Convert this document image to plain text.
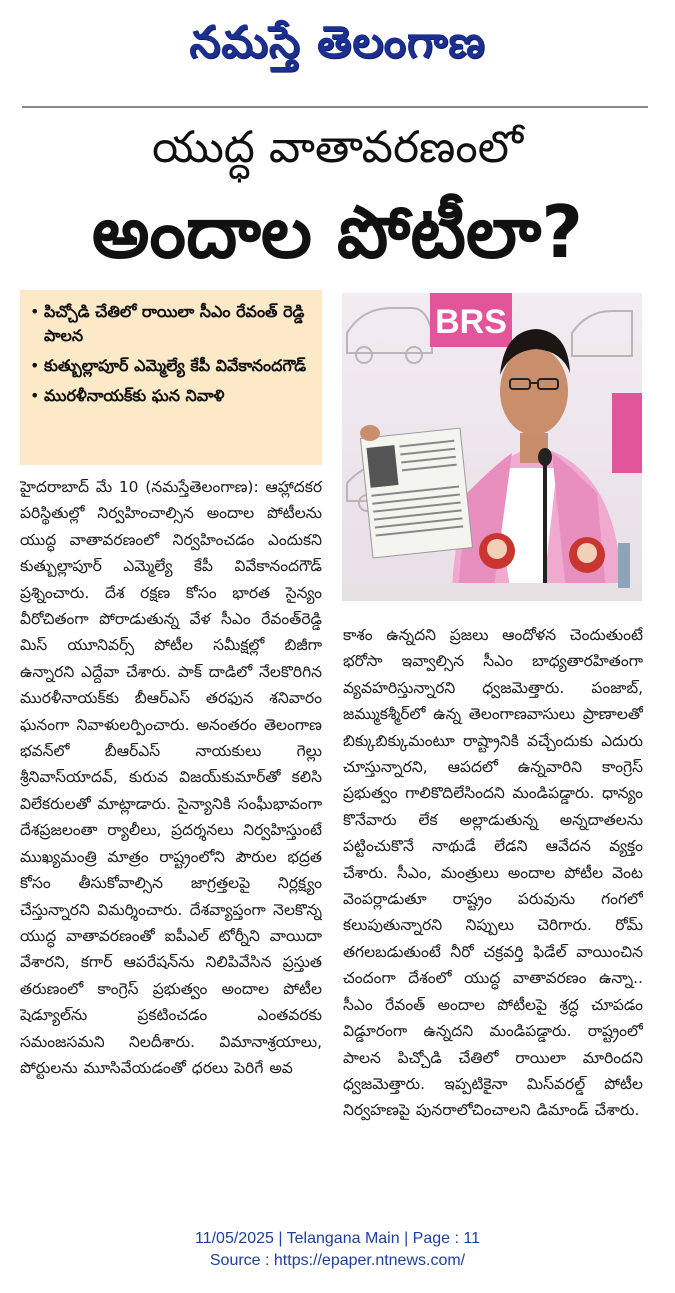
నమస్తే తెలంగాణ
యుద్ధ వాతావరణంలో
అందాల పోటీలా?
• పిచ్చోడి చేతిలో రాయిలా సీఎం రేవంత్ రెడ్డి పాలన
• కుత్బుల్లాపూర్ ఎమ్మెల్యే కేపీ వివేకానందగౌడ్
• మురళీనాయక్‌కు ఘన నివాళి
BRS

హైదరాబాద్ మే 10 (నమస్తేతెలంగాణ): ఆహ్లాదకర పరిస్థితుల్లో నిర్వహించాల్సిన అందాల పోటీలను యుద్ధ వాతావరణంలో నిర్వహించడం ఎందుకని కుత్బుల్లాపూర్ ఎమ్మెల్యే కేపీ వివేకానందగౌడ్ ప్రశ్నించారు. దేశ రక్షణ కోసం భారత సైన్యం వీరోచితంగా పోరాడుతున్న వేళ సీఎం రేవంత్‌రెడ్డి మిస్ యూనివర్స్ పోటీల సమీక్షల్లో బిజీగా ఉన్నారని ఎద్దేవా చేశారు. పాక్ దాడిలో నేలకొరిగిన మురళీనాయక్‌కు బీఆర్‌ఎస్ తరఫున శనివారం ఘనంగా నివాళులర్పించారు. అనంతరం తెలంగాణ భవన్‌లో బీఆర్‌ఎస్ నాయకులు గెల్లు శ్రీనివాస్‌యాదవ్, కురువ విజయ్‌కుమార్‌తో కలిసి విలేకరులతో మాట్లాడారు. సైన్యానికి సంఘీభావంగా దేశప్రజలంతా ర్యాలీలు, ప్రదర్శనలు నిర్వహిస్తుంటే ముఖ్యమంత్రి మాత్రం రాష్ట్రంలోని పౌరుల భద్రత కోసం తీసుకోవాల్సిన జాగ్రత్తలపై నిర్లక్ష్యం చేస్తున్నారని విమర్శించారు. దేశవ్యాప్తంగా నెలకొన్న యుద్ధ వాతావరణంతో ఐపీఎల్ టోర్నీని వాయిదా వేశారని, కగార్ ఆపరేషన్‌ను నిలిపివేసిన ప్రస్తుత తరుణంలో కాంగ్రెస్ ప్రభుత్వం అందాల పోటీల షెడ్యూల్‌ను ప్రకటించడం ఎంతవరకు సమంజసమని నిలదీశారు. విమానాశ్రయాలు, పోర్టులను మూసివేయడంతో ధరలు పెరిగే అవ

కాశం ఉన్నదని ప్రజలు ఆందోళన చెందుతుంటే భరోసా ఇవ్వాల్సిన సీఎం బాధ్యతారహితంగా వ్యవహరిస్తున్నారని ధ్వజమెత్తారు. పంజాబ్, జమ్ముకశ్మీర్‌లో ఉన్న తెలంగాణవాసులు ప్రాణాలతో బిక్కుబిక్కుమంటూ రాష్ట్రానికి వచ్చేందుకు ఎదురు చూస్తున్నారని, ఆపదలో ఉన్నవారిని కాంగ్రెస్ ప్రభుత్వం గాలికొదిలేసిందని మండిపడ్డారు. ధాన్యం కొనేవారు లేక అల్లాడుతున్న అన్నదాతలను పట్టించుకొనే నాథుడే లేడని ఆవేదన వ్యక్తం చేశారు. సీఎం, మంత్రులు అందాల పోటీల వెంట వెంపర్లాడుతూ రాష్ట్రం పరువును గంగలో కలుపుతున్నారని నిప్పులు చెరిగారు. రోమ్ తగలబడుతుంటే నీరో చక్రవర్తి ఫిడేల్ వాయించిన చందంగా దేశంలో యుద్ధ వాతావరణం ఉన్నా.. సీఎం రేవంత్ అందాల పోటీలపై శ్రద్ధ చూపడం విడ్డూరంగా ఉన్నదని మండిపడ్డారు. రాష్ట్రంలో పాలన పిచ్చోడి చేతిలో రాయిలా మారిందని ధ్వజమెత్తారు. ఇప్పటికైనా మిస్‌వరల్డ్ పోటీల నిర్వహణపై పునరాలోచించాలని డిమాండ్ చేశారు.

11/05/2025 | Telangana Main | Page : 11
Source : https://epaper.ntnews.com/
